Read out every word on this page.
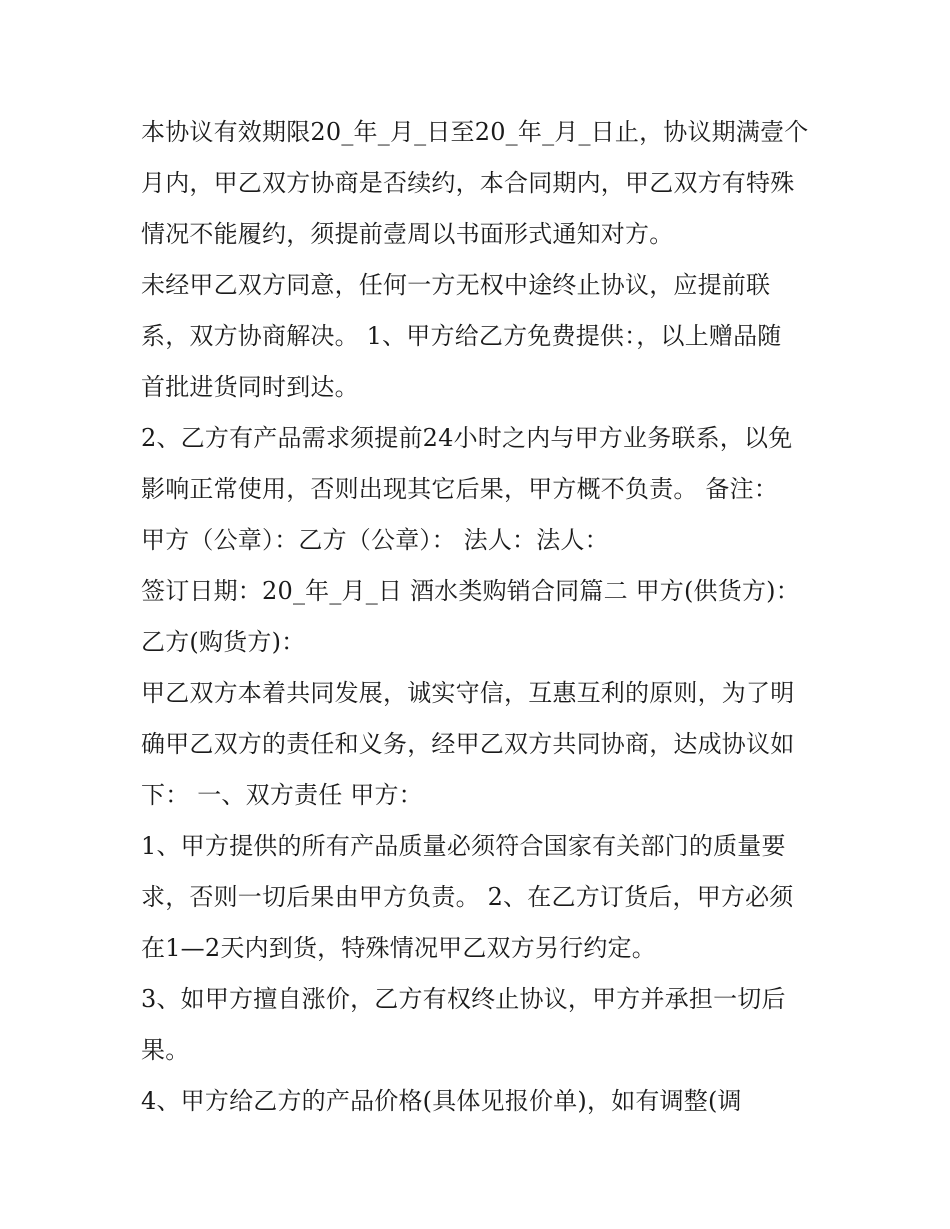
本协议有效期限20_年_月_日至20_年_月_日止，协议期满壹个
月内，甲乙双方协商是否续约，本合同期内，甲乙双方有特殊
情况不能履约，须提前壹周以书面形式通知对方。
未经甲乙双方同意，任何一方无权中途终止协议，应提前联
系，双方协商解决。 1、甲方给乙方免费提供：，以上赠品随
首批进货同时到达。
2、乙方有产品需求须提前24小时之内与甲方业务联系，以免
影响正常使用，否则出现其它后果，甲方概不负责。 备注：
甲方（公章）：乙方（公章）： 法人：法人：
签订日期：20_年_月_日 酒水类购销合同篇二 甲方(供货方)：
乙方(购货方)：
甲乙双方本着共同发展，诚实守信，互惠互利的原则，为了明
确甲乙双方的责任和义务，经甲乙双方共同协商，达成协议如
下： 一、双方责任 甲方：
1、甲方提供的所有产品质量必须符合国家有关部门的质量要
求，否则一切后果由甲方负责。 2、在乙方订货后，甲方必须
在1—2天内到货，特殊情况甲乙双方另行约定。
3、如甲方擅自涨价，乙方有权终止协议，甲方并承担一切后
果。
4、甲方给乙方的产品价格(具体见报价单)，如有调整(调
